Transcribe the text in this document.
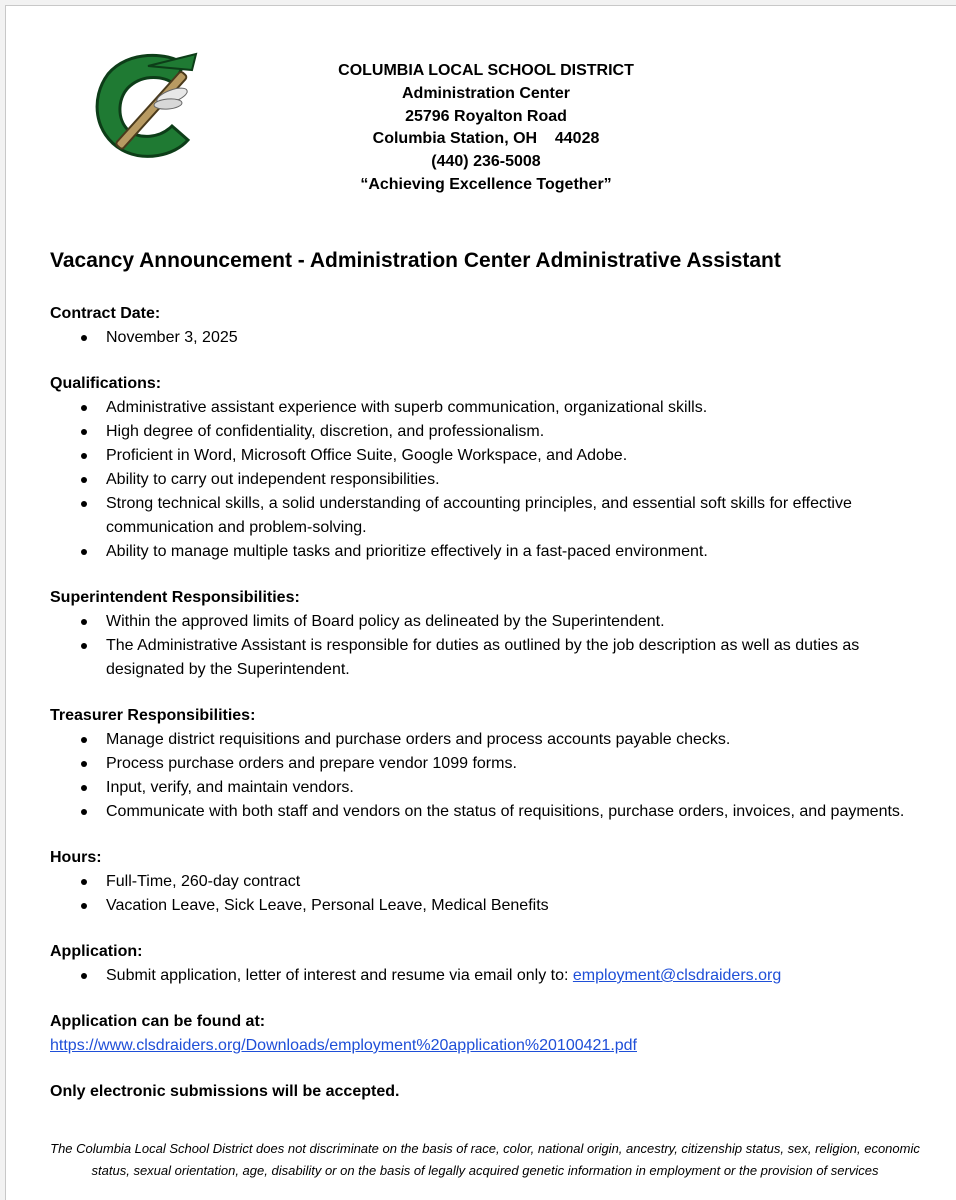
COLUMBIA LOCAL SCHOOL DISTRICT
Administration Center
25796 Royalton Road
Columbia Station, OH    44028
(440) 236-5008
“Achieving Excellence Together”
Vacancy Announcement - Administration Center Administrative Assistant
Contract Date:
November 3, 2025
Qualifications:
Administrative assistant experience with superb communication, organizational skills.
High degree of confidentiality, discretion, and professionalism.
Proficient in Word, Microsoft Office Suite, Google Workspace, and Adobe.
Ability to carry out independent responsibilities.
Strong technical skills, a solid understanding of accounting principles, and essential soft skills for effective communication and problem-solving.
Ability to manage multiple tasks and prioritize effectively in a fast-paced environment.
Superintendent Responsibilities:
Within the approved limits of Board policy as delineated by the Superintendent.
The Administrative Assistant is responsible for duties as outlined by the job description as well as duties as designated by the Superintendent.
Treasurer Responsibilities:
Manage district requisitions and purchase orders and process accounts payable checks.
Process purchase orders and prepare vendor 1099 forms.
Input, verify, and maintain vendors.
Communicate with both staff and vendors on the status of requisitions, purchase orders, invoices, and payments.
Hours:
Full-Time, 260-day contract
Vacation Leave, Sick Leave, Personal Leave, Medical Benefits
Application:
Submit application, letter of interest and resume via email only to: employment@clsdraiders.org
Application can be found at:
https://www.clsdraiders.org/Downloads/employment%20application%20100421.pdf
Only electronic submissions will be accepted.
The Columbia Local School District does not discriminate on the basis of race, color, national origin, ancestry, citizenship status, sex, religion, economic status, sexual orientation, age, disability or on the basis of legally acquired genetic information in employment or the provision of services
